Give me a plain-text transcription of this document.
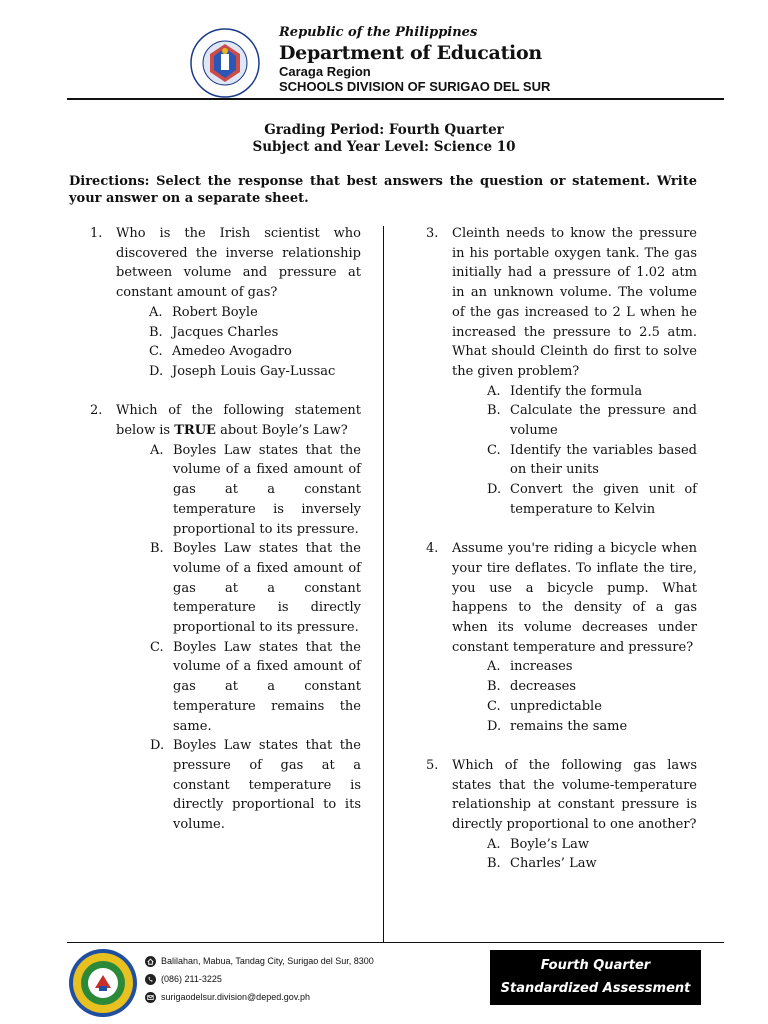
Republic of the Philippines

Department of Education

Caraga Region

SCHOOLS DIVISION OF SURIGAO DEL SUR

Grading Period: Fourth Quarter
Subject and Year Level: Science 10
Directions: Select the response that best answers the question or statement. Write your answer on a separate sheet.
1.	Who is the Irish scientist who discovered the inverse relationship between volume and pressure at constant amount of gas?

A. Robert Boyle
B. Jacques Charles
C. Amedeo Avogadro
D. Joseph Louis Gay-Lussac
2.	Which of the following statement below is TRUE about Boyle’s Law?

A. Boyles Law states that the volume of a fixed amount of gas at a constant temperature is inversely proportional to its pressure.
B. Boyles Law states that the volume of a fixed amount of gas at a constant temperature is directly proportional to its pressure.
C. Boyles Law states that the volume of a fixed amount of gas at a constant temperature remains the same.
D. Boyles Law states that the pressure of gas at a constant temperature is directly proportional to its volume.
3.	Cleinth needs to know the pressure in his portable oxygen tank. The gas initially had a pressure of 1.02 atm in an unknown volume. The volume of the gas increased to 2 L when he increased the pressure to 2.5 atm. What should Cleinth do first to solve the given problem?

A. Identify the formula
B. Calculate the pressure and volume
C. Identify the variables based on their units
D. Convert the given unit of temperature to Kelvin
4.	Assume you're riding a bicycle when your tire deflates. To inflate the tire, you use a bicycle pump. What happens to the density of a gas when its volume decreases under constant temperature and pressure?

A. increases
B. decreases
C. unpredictable
D. remains the same
5.	Which of the following gas laws states that the volume-temperature relationship at constant pressure is directly proportional to one another?

A. Boyle’s Law
B. Charles’ Law
Balilahan, Mabua, Tandag City, Surigao del Sur, 8300
(086) 211-3225
surigaodelsur.division@deped.gov.ph
Fourth Quarter
Standardized Assessment
